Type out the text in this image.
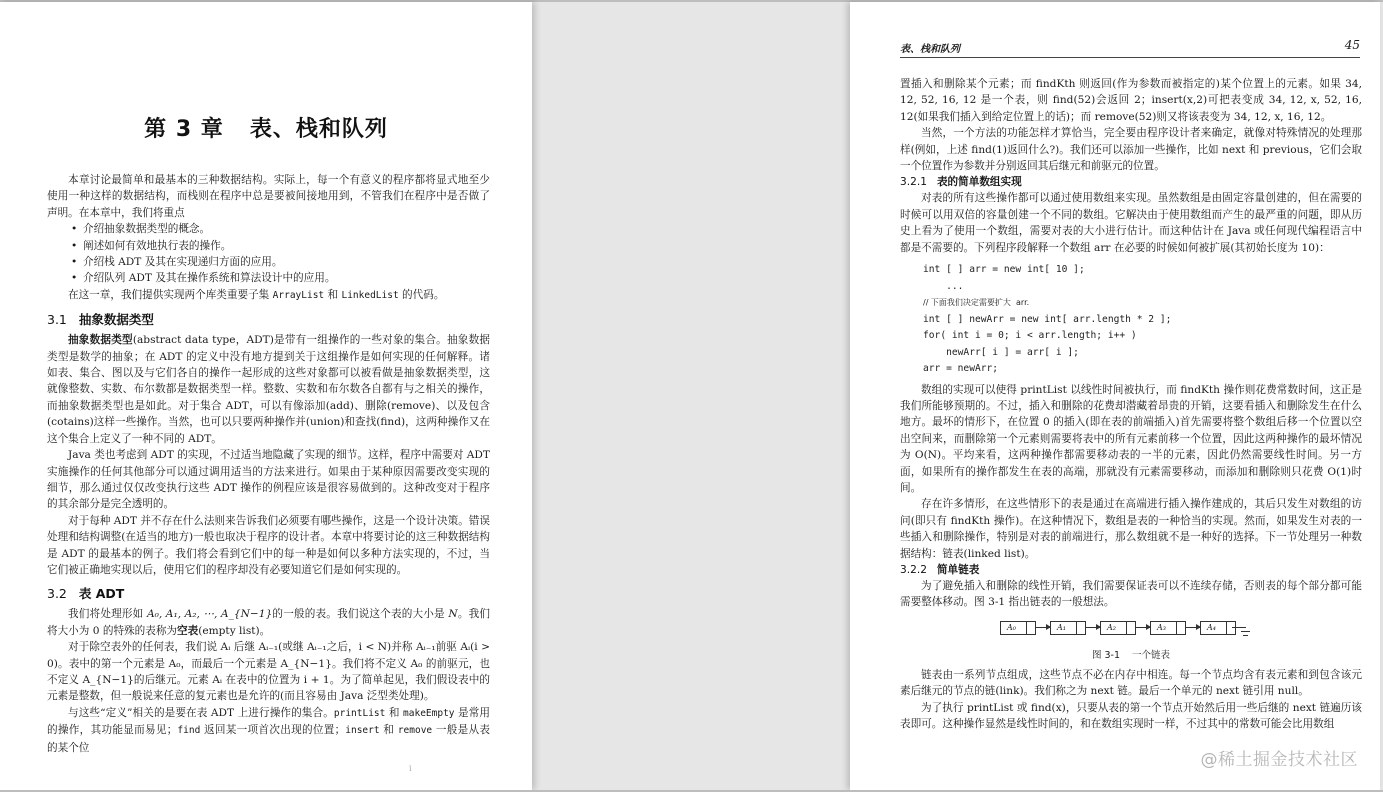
第 3 章 表、栈和队列

本章讨论最简单和最基本的三种数据结构。实际上，每一个有意义的程序都将显式地至少使用一种这样的数据结构，而栈则在程序中总是要被间接地用到，不管我们在程序中是否做了声明。在本章中，我们将重点

• 介绍抽象数据类型的概念。
• 阐述如何有效地执行表的操作。
• 介绍栈 ADT 及其在实现递归方面的应用。
• 介绍队列 ADT 及其在操作系统和算法设计中的应用。

在这一章，我们提供实现两个库类重要子集 ArrayList 和 LinkedList 的代码。

3.1 抽象数据类型

抽象数据类型(abstract data type，ADT)是带有一组操作的一些对象的集合。抽象数据类型是数学的抽象；在 ADT 的定义中没有地方提到关于这组操作是如何实现的任何解释。诸如表、集合、图以及与它们各自的操作一起形成的这些对象都可以被看做是抽象数据类型，这就像整数、实数、布尔数都是数据类型一样。整数、实数和布尔数各自都有与之相关的操作，而抽象数据类型也是如此。对于集合 ADT，可以有像添加(add)、删除(remove)、以及包含(cotains)这样一些操作。当然，也可以只要两种操作并(union)和查找(find)，这两种操作又在这个集合上定义了一种不同的 ADT。

Java 类也考虑到 ADT 的实现，不过适当地隐藏了实现的细节。这样，程序中需要对 ADT 实施操作的任何其他部分可以通过调用适当的方法来进行。如果由于某种原因需要改变实现的细节，那么通过仅仅改变执行这些 ADT 操作的例程应该是很容易做到的。这种改变对于程序的其余部分是完全透明的。

对于每种 ADT 并不存在什么法则来告诉我们必须要有哪些操作，这是一个设计决策。错误处理和结构调整(在适当的地方)一般也取决于程序的设计者。本章中将要讨论的这三种数据结构是 ADT 的最基本的例子。我们将会看到它们中的每一种是如何以多种方法实现的，不过，当它们被正确地实现以后，使用它们的程序却没有必要知道它们是如何实现的。

3.2 表 ADT

我们将处理形如 A₀, A₁, A₂, ⋯, A_{N−1}的一般的表。我们说这个表的大小是 N。我们将大小为 0 的特殊的表称为空表(empty list)。

对于除空表外的任何表，我们说 Aᵢ 后继 Aᵢ₋₁(或继 Aᵢ₋₁之后，i < N)并称 Aᵢ₋₁前驱 Aᵢ(i > 0)。表中的第一个元素是 A₀，而最后一个元素是 A_{N−1}。我们将不定义 A₀ 的前驱元，也不定义 A_{N−1}的后继元。元素 Aᵢ 在表中的位置为 i + 1。为了简单起见，我们假设表中的元素是整数，但一般说来任意的复元素也是允许的(而且容易由 Java 泛型类处理)。

与这些“定义”相关的是要在表 ADT 上进行操作的集合。printList 和 makeEmpty 是常用的操作，其功能显而易见；find 返回某一项首次出现的位置；insert 和 remove 一般是从表的某个位

i
表、栈和队列	45

置插入和删除某个元素；而 findKth 则返回(作为参数而被指定的)某个位置上的元素。如果 34, 12, 52, 16, 12 是一个表，则 find(52)会返回 2；insert(x,2)可把表变成 34, 12, x, 52, 16, 12(如果我们插入到给定位置上的话)；而 remove(52)则又将该表变为 34, 12, x, 16, 12。

当然，一个方法的功能怎样才算恰当，完全要由程序设计者来确定，就像对特殊情况的处理那样(例如，上述 find(1)返回什么?)。我们还可以添加一些操作，比如 next 和 previous，它们会取一个位置作为参数并分别返回其后继元和前驱元的位置。

3.2.1 表的简单数组实现

对表的所有这些操作都可以通过使用数组来实现。虽然数组是由固定容量创建的，但在需要的时候可以用双倍的容量创建一个不同的数组。它解决由于使用数组而产生的最严重的问题，即从历史上看为了使用一个数组，需要对表的大小进行估计。而这种估计在 Java 或任何现代编程语言中都是不需要的。下列程序段解释一个数组 arr 在必要的时候如何被扩展(其初始长度为 10)：

int [ ] arr = new int[ 10 ];
...
// 下面我们决定需要扩大  arr.
int [ ] newArr = new int[ arr.length * 2 ];
for( int i = 0; i < arr.length; i++ )
newArr[ i ] = arr[ i ];
arr = newArr;

数组的实现可以使得 printList 以线性时间被执行，而 findKth 操作则花费常数时间，这正是我们所能够预期的。不过，插入和删除的花费却潜藏着昂贵的开销，这要看插入和删除发生在什么地方。最坏的情形下，在位置 0 的插入(即在表的前端插入)首先需要将整个数组后移一个位置以空出空间来，而删除第一个元素则需要将表中的所有元素前移一个位置，因此这两种操作的最坏情况为 O(N)。平均来看，这两种操作都需要移动表的一半的元素，因此仍然需要线性时间。另一方面，如果所有的操作都发生在表的高端，那就没有元素需要移动，而添加和删除则只花费 O(1)时间。

存在许多情形，在这些情形下的表是通过在高端进行插入操作建成的，其后只发生对数组的访问(即只有 findKth 操作)。在这种情况下，数组是表的一种恰当的实现。然而，如果发生对表的一些插入和删除操作，特别是对表的前端进行，那么数组就不是一种好的选择。下一节处理另一种数据结构：链表(linked list)。

3.2.2 简单链表

为了避免插入和删除的线性开销，我们需要保证表可以不连续存储，否则表的每个部分都可能需要整体移动。图 3-1 指出链表的一般想法。

A₀	A₁	A₂	A₃	A₄
图 3-1 一个链表

链表由一系列节点组成，这些节点不必在内存中相连。每一个节点均含有表元素和到包含该元素后继元的节点的链(link)。我们称之为 next 链。最后一个单元的 next 链引用 null。

为了执行 printList 或 find(x)，只要从表的第一个节点开始然后用一些后继的 next 链遍历该表即可。这种操作显然是线性时间的，和在数组实现时一样，不过其中的常数可能会比用数组

@稀土掘金技术社区
